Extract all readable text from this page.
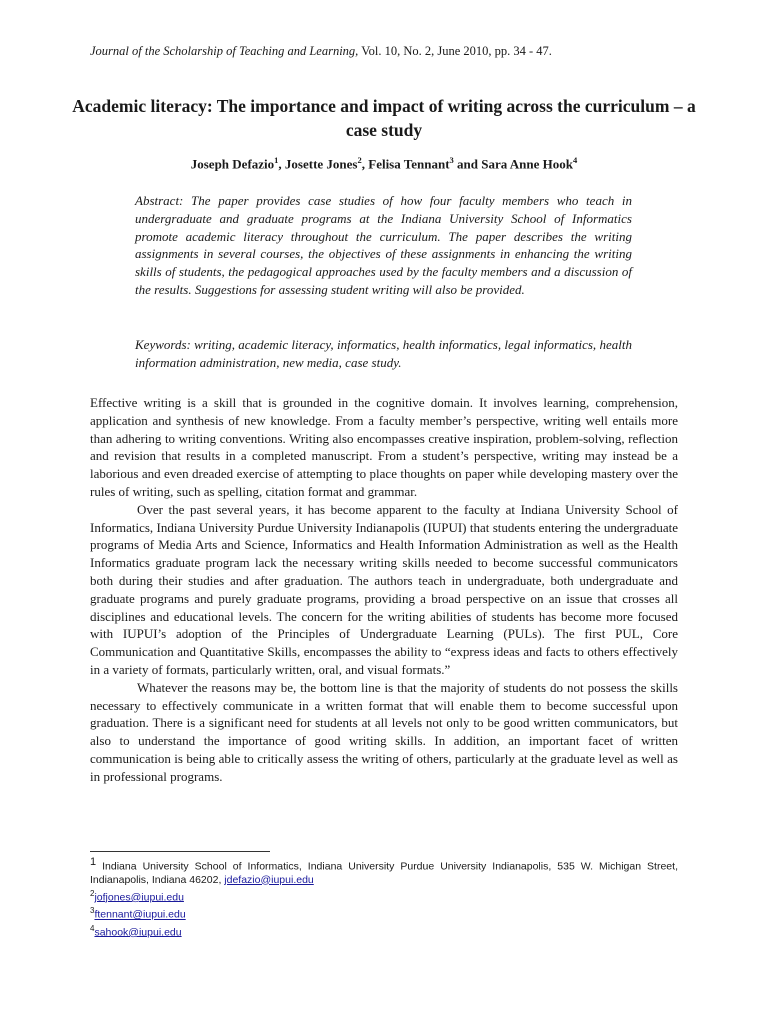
Journal of the Scholarship of Teaching and Learning, Vol. 10, No. 2, June 2010, pp. 34 - 47.
Academic literacy: The importance and impact of writing across the curriculum – a case study
Joseph Defazio$^1$, Josette Jones$^2$, Felisa Tennant$^3$ and Sara Anne Hook$^4$
Abstract: The paper provides case studies of how four faculty members who teach in undergraduate and graduate programs at the Indiana University School of Informatics promote academic literacy throughout the curriculum. The paper describes the writing assignments in several courses, the objectives of these assignments in enhancing the writing skills of students, the pedagogical approaches used by the faculty members and a discussion of the results. Suggestions for assessing student writing will also be provided.
Keywords: writing, academic literacy, informatics, health informatics, legal informatics, health information administration, new media, case study.

Effective writing is a skill that is grounded in the cognitive domain. It involves learning, comprehension, application and synthesis of new knowledge. From a faculty member’s perspective, writing well entails more than adhering to writing conventions. Writing also encompasses creative inspiration, problem-solving, reflection and revision that results in a completed manuscript. From a student’s perspective, writing may instead be a laborious and even dreaded exercise of attempting to place thoughts on paper while developing mastery over the rules of writing, such as spelling, citation format and grammar.

Over the past several years, it has become apparent to the faculty at Indiana University School of Informatics, Indiana University Purdue University Indianapolis (IUPUI) that students entering the undergraduate programs of Media Arts and Science, Informatics and Health Information Administration as well as the Health Informatics graduate program lack the necessary writing skills needed to become successful communicators both during their studies and after graduation. The authors teach in undergraduate, both undergraduate and graduate programs and purely graduate programs, providing a broad perspective on an issue that crosses all disciplines and educational levels. The concern for the writing abilities of students has become more focused with IUPUI’s adoption of the Principles of Undergraduate Learning (PULs). The first PUL, Core Communication and Quantitative Skills, encompasses the ability to “express ideas and facts to others effectively in a variety of formats, particularly written, oral, and visual formats.”

Whatever the reasons may be, the bottom line is that the majority of students do not possess the skills necessary to effectively communicate in a written format that will enable them to become successful upon graduation. There is a significant need for students at all levels not only to be good written communicators, but also to understand the importance of good writing skills. In addition, an important facet of written communication is being able to critically assess the writing of others, particularly at the graduate level as well as in professional programs.

$^1$ Indiana University School of Informatics, Indiana University Purdue University Indianapolis, 535 W. Michigan Street, Indianapolis, Indiana 46202, jdefazio@iupui.edu

$^2$jofjones@iupui.edu

$^3$ftennant@iupui.edu

$^4$sahook@iupui.edu
